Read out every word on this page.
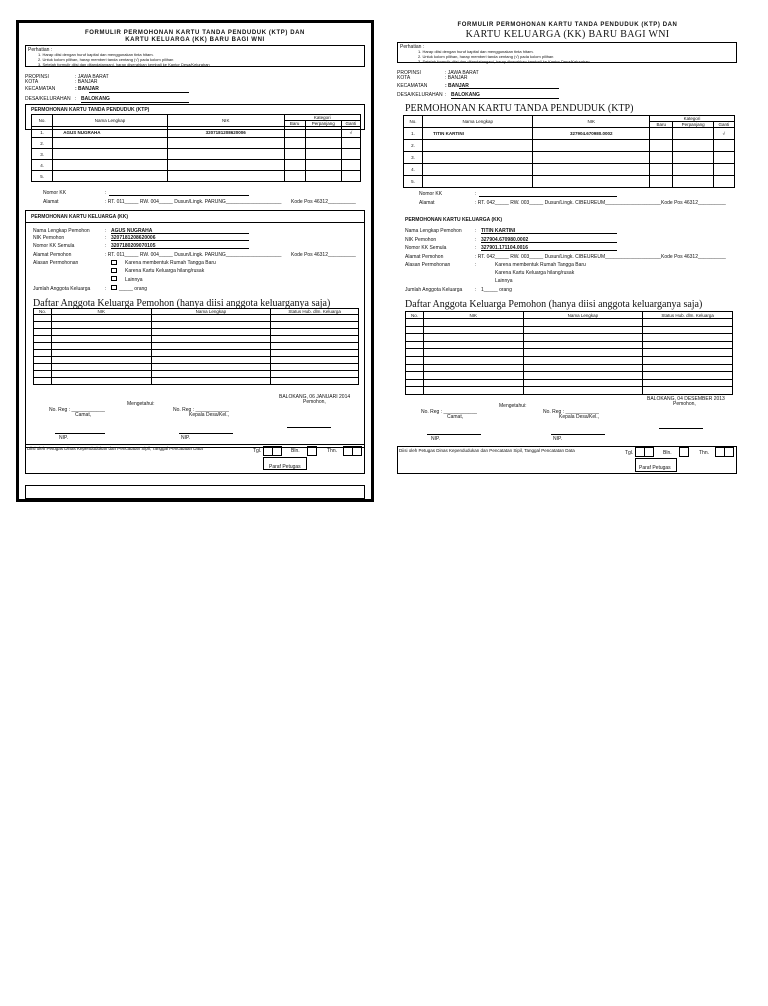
FORMULIR PERMOHONAN KARTU TANDA PENDUDUK (KTP) DAN
KARTU KELUARGA (KK) BARU BAGI WNI
Perhatian :
1. Harap diisi dengan huruf kapital dan menggunakan tinta hitam.
2. Untuk kolom pilihan, harap memberi tanda centang (√) pada kolom pilihan
3. Setelah formulir diisi dan ditandatangani, harap diserahkan kembali ke Kantor Desa/Kelurahan
PROPINSI	: JAWA BARAT
KOTA	: BANJAR
KECAMATAN	: BANJAR
DESA/KELURAHAN : BALOKANG
PERMOHONAN KARTU TANDA PENDUDUK (KTP)
No.	Nama Lengkap	NIK	Kategori		
			Baru	Perpanjang	Ganti
1.	AGUS NUGRAHA	3207181208620006			√
2.					
3.					
4.					
5.					
Nomor KK	:
Alamat	: RT. 011_____ RW. 004_____ Dusun/Lingk. PARUNG____________________ Kode Pos 46312__________
PERMOHONAN KARTU KELUARGA (KK)
Nama Lengkap Pemohon	: AGUS NUGRAHA
NIK Pemohon	: 3207181208620006
Nomor KK Semula	: 3207180209070105
Alamat Pemohon	: RT. 011_____ RW. 004_____ Dusun/Lingk. PARUNG____________________ Kode Pos 46312__________
Alasan Permohonan	Karena membentuk Rumah Tangga Baru
Karena Kartu Keluarga hilang/rusak
Lainnya
Jumlah Anggota Keluarga	:	_____ orang
Daftar Anggota Keluarga Pemohon (hanya diisi anggota keluarganya saja)
No.	NIK	Nama Lengkap	Status Hub. dlm. Keluarga

BALOKANG, 06 JANUARI 2014
Pemohon,
Mengetahui:
No. Reg : ____________
Camat,
No. Reg : ____________
Kepala Desa/Kel.,
NIP.	NIP.
Diisi oleh Petugas Dinas Kependudukan dan Pencatatan Sipil, Tanggal Pencatatan Data	Tgl.	Bln.	Thn.
Paraf Petugas
FORMULIR PERMOHONAN KARTU TANDA PENDUDUK (KTP) DAN
KARTU KELUARGA (KK) BARU BAGI WNI
Perhatian :
1. Harap diisi dengan huruf kapital dan menggunakan tinta hitam.
2. Untuk kolom pilihan, harap memberi tanda centang (√) pada kolom pilihan
3. Setelah formulir diisi dan ditandatangani, harap diserahkan kembali ke Kantor Desa/Kelurahan
PROPINSI	: JAWA BARAT
KOTA	: BANJAR
KECAMATAN	: BANJAR
DESA/KELURAHAN : BALOKANG
PERMOHONAN KARTU TANDA PENDUDUK (KTP)
No.	Nama Lengkap	NIK	Kategori		
			Baru	Perpanjang	Ganti
1.	TITIN KARTINI	327904.670980.0002			√
2.					
3.					
4.					
5.					
Nomor KK	:
Alamat	: RT. 042_____ RW. 003_____ Dusun/Lingk. CIBEUREUM____________________ Kode Pos 46312__________
PERMOHONAN KARTU KELUARGA (KK)
Nama Lengkap Pemohon	: TITIN KARTINI
NIK Pemohon	: 327904.670980.0002
Nomor KK Semula	: 327901.171104.0016
Alamat Pemohon	: RT. 042_____ RW. 003_____ Dusun/Lingk. CIBEUREUM____________________ Kode Pos 46312__________
Alasan Permohonan	:	Karena membentuk Rumah Tangga Baru
Karena Kartu Keluarga hilang/rusak
Lainnya
Jumlah Anggota Keluarga	: 1_____ orang
Daftar Anggota Keluarga Pemohon (hanya diisi anggota keluarganya saja)
No.	NIK	Nama Lengkap	Status Hub. dlm. Keluarga

BALOKANG, 04 DESEMBER 2013
Pemohon,
Mengetahui:
No. Reg : ____________
Camat,
No. Reg : ____________
Kepala Desa/Kel.,
NIP.	NIP.
Diisi oleh Petugas Dinas Kependudukan dan Pencatatan Sipil, Tanggal Pencatatan Data	Tgl.	Bln.	Thn.
Paraf Petugas
